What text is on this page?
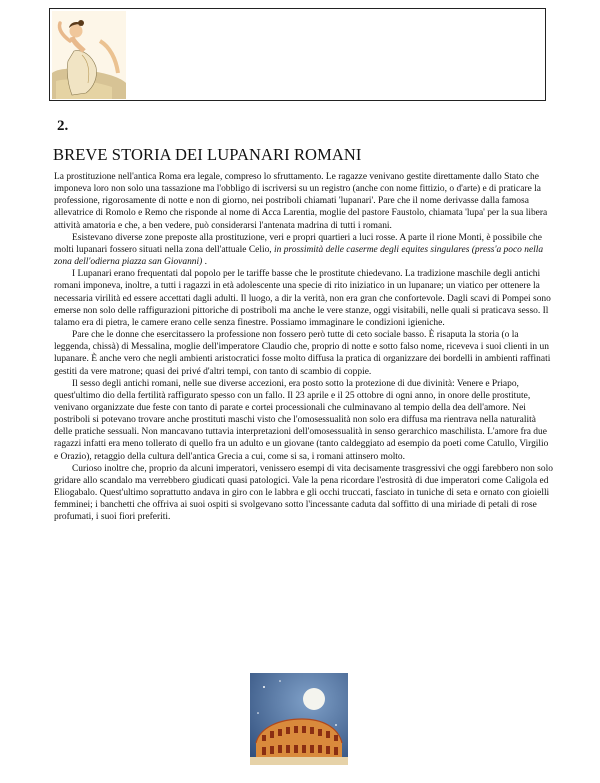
2.
BREVE STORIA DEI LUPANARI ROMANI

La prostituzione nell'antica Roma era legale, compreso lo sfruttamento. Le ragazze venivano gestite direttamente dallo Stato che imponeva loro non solo una tassazione ma l'obbligo di iscriversi su un registro (anche con nome fittizio, o d'arte) e di praticare la professione, rigorosamente di notte e non di giorno, nei postriboli chiamati 'lupanari'. Pare che il nome derivasse dalla famosa allevatrice di Romolo e Remo che risponde al nome di Acca Larentia, moglie del pastore Faustolo, chiamata 'lupa' per la sua libera attività amatoria e che, a ben vedere, può considerarsi l'antenata madrina di tutti i romani.

Esistevano diverse zone preposte alla prostituzione, veri e propri quartieri a luci rosse. A parte il rione Monti, è possibile che molti lupanari fossero situati nella zona dell'attuale Celio, in prossimità delle caserme degli equites singulares (press'a poco nella zona dell'odierna piazza san Giovanni) .

I Lupanari erano frequentati dal popolo per le tariffe basse che le prostitute chiedevano. La tradizione maschile degli antichi romani imponeva, inoltre, a tutti i ragazzi in età adolescente una specie di rito iniziatico in un lupanare; un viatico per ottenere la necessaria virilità ed essere accettati dagli adulti. Il luogo, a dir la verità, non era gran che confortevole. Dagli scavi di Pompei sono emerse non solo delle raffigurazioni pittoriche di postriboli ma anche le vere stanze, oggi visitabili, nelle quali si praticava sesso. Il talamo era di pietra, le camere erano celle senza finestre. Possiamo immaginare le condizioni igieniche.

Pare che le donne che esercitassero la professione non fossero però tutte di ceto sociale basso. È risaputa la storia (o la leggenda, chissà) di Messalina, moglie dell'imperatore Claudio che, proprio di notte e sotto falso nome, riceveva i suoi clienti in un lupanare. È anche vero che negli ambienti aristocratici fosse molto diffusa la pratica di organizzare dei bordelli in ambienti raffinati gestiti da vere matrone; quasi dei privé d'altri tempi, con tanto di scambio di coppie.

Il sesso degli antichi romani, nelle sue diverse accezioni, era posto sotto la protezione di due divinità: Venere e Priapo, quest'ultimo dio della fertilità raffigurato spesso con un fallo. Il 23 aprile e il 25 ottobre di ogni anno, in onore delle prostitute, venivano organizzate due feste con tanto di parate e cortei processionali che culminavano al tempio della dea dell'amore. Nei postriboli si potevano trovare anche prostituti maschi visto che l'omosessualità non solo era diffusa ma rientrava nella naturalità delle pratiche sessuali. Non mancavano tuttavia interpretazioni dell'omosessualità in senso gerarchico maschilista. L'amore fra due ragazzi infatti era meno tollerato di quello fra un adulto e un giovane (tanto caldeggiato ad esempio da poeti come Catullo, Virgilio e Orazio), retaggio della cultura dell'antica Grecia a cui, come si sa, i romani attinsero molto.

Curioso inoltre che, proprio da alcuni imperatori, venissero esempi di vita decisamente trasgressivi che oggi farebbero non solo gridare allo scandalo ma verrebbero giudicati quasi patologici. Vale la pena ricordare l'estrosità di due imperatori come Caligola ed Eliogabalo. Quest'ultimo soprattutto andava in giro con le labbra e gli occhi truccati, fasciato in tuniche di seta e ornato con gioielli femminei; i banchetti che offriva ai suoi ospiti si svolgevano sotto l'incessante caduta dal soffitto di una miriade di petali di rose profumati, i suoi fiori preferiti.
